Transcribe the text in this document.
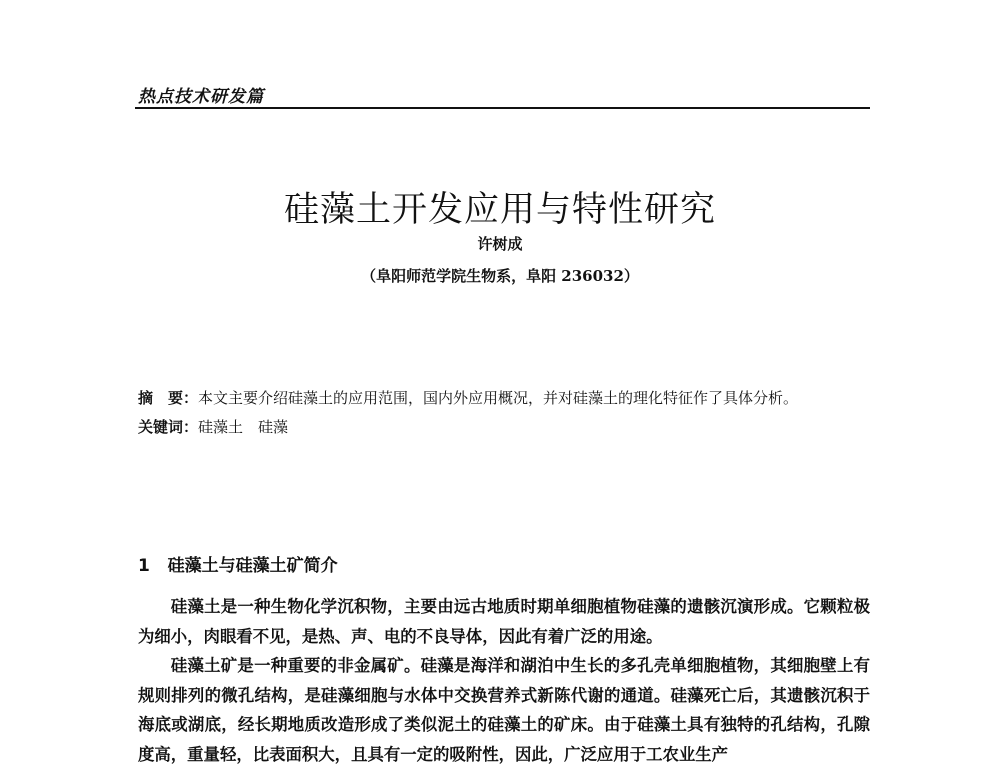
热点技术研发篇
硅藻土开发应用与特性研究
许树成
（阜阳师范学院生物系，阜阳 236032）
摘　要：本文主要介绍硅藻土的应用范围，国内外应用概况，并对硅藻土的理化特征作了具体分析。
关键词：硅藻土　硅藻
1 硅藻土与硅藻土矿简介

硅藻土是一种生物化学沉积物，主要由远古地质时期单细胞植物硅藻的遗骸沉演形成。它颗粒极为细小，肉眼看不见，是热、声、电的不良导体，因此有着广泛的用途。

硅藻土矿是一种重要的非金属矿。硅藻是海洋和湖泊中生长的多孔壳单细胞植物，其细胞壁上有规则排列的微孔结构，是硅藻细胞与水体中交换营养式新陈代谢的通道。硅藻死亡后，其遗骸沉积于海底或湖底，经长期地质改造形成了类似泥土的硅藻土的矿床。由于硅藻土具有独特的孔结构，孔隙度高，重量轻，比表面积大，且具有一定的吸附性，因此，广泛应用于工农业生产
